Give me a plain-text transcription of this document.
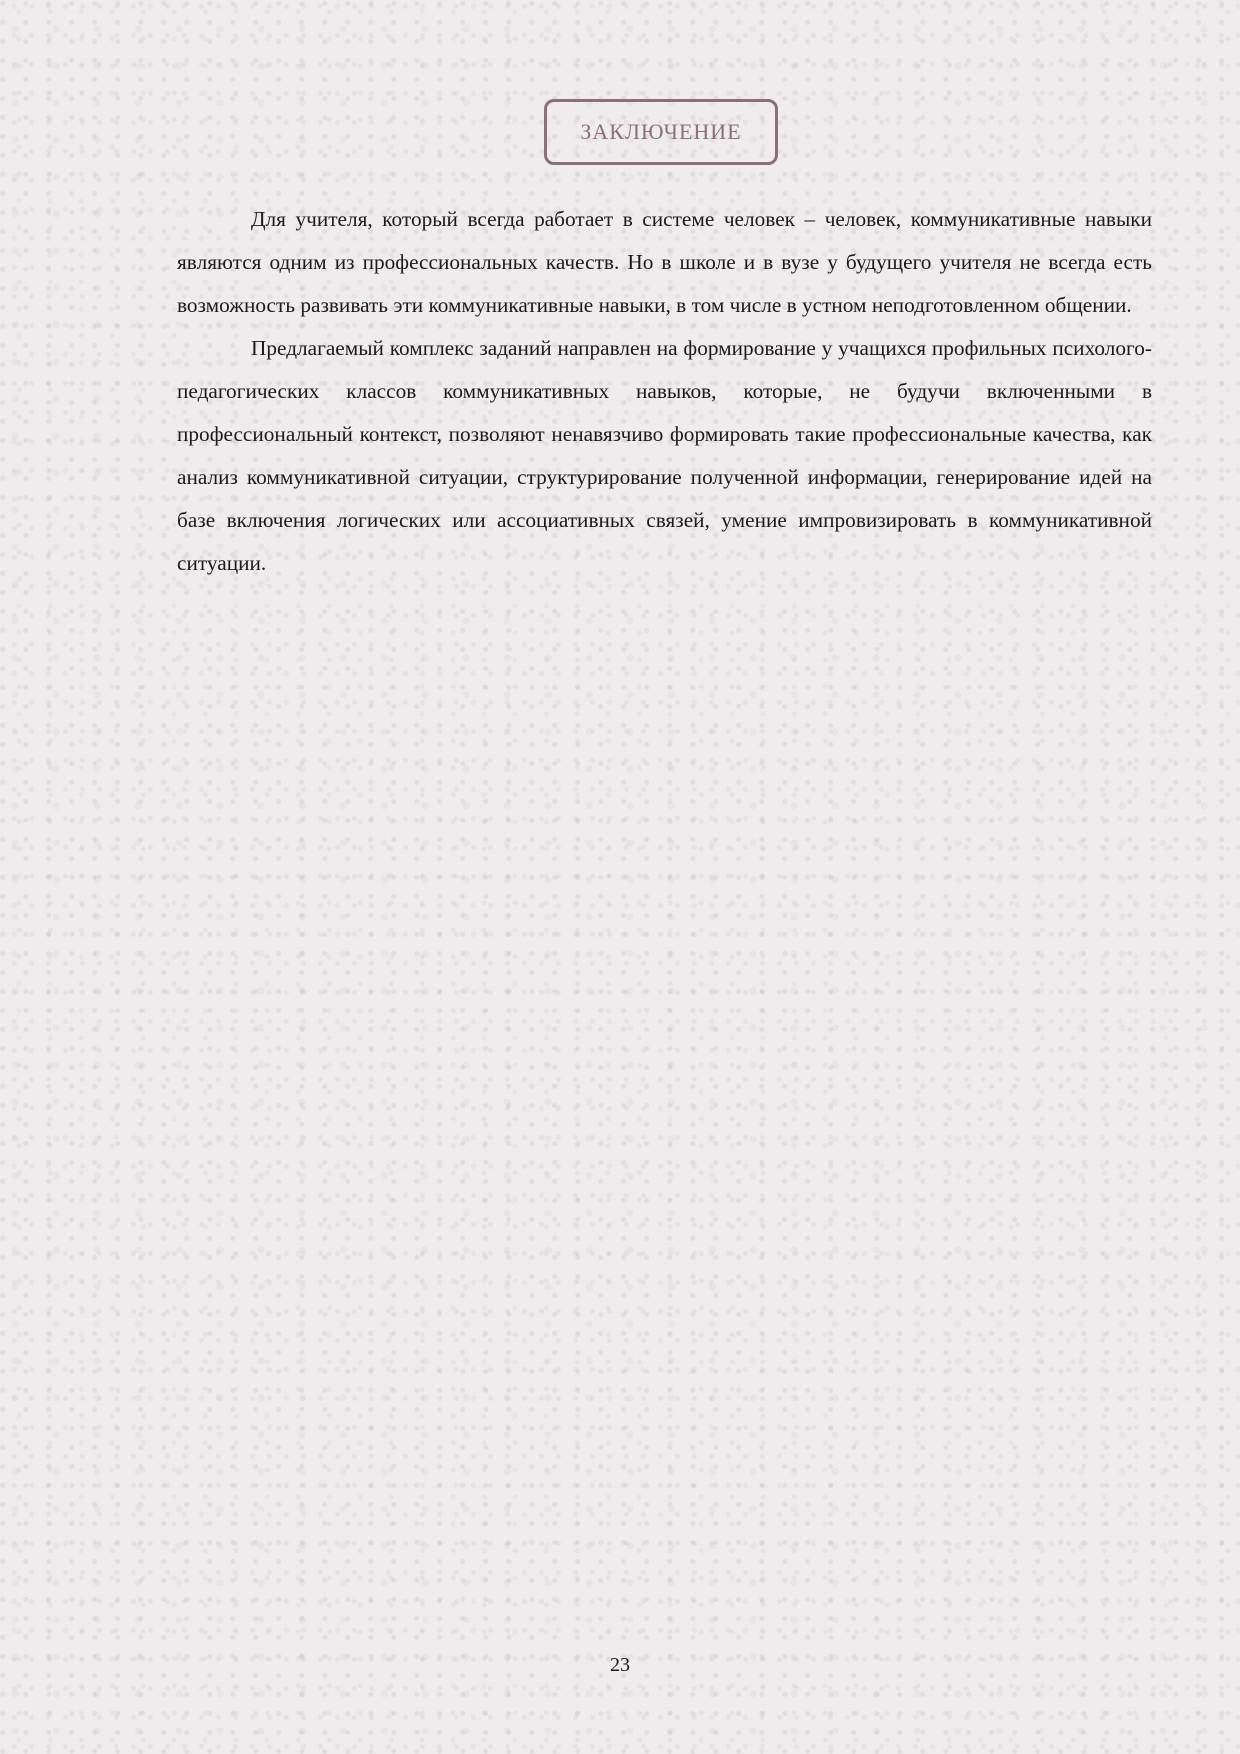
ЗАКЛЮЧЕНИЕ

Для учителя, который всегда работает в системе человек – человек, коммуникативные навыки являются одним из профессиональных качеств. Но в школе и в вузе у будущего учителя не всегда есть возможность развивать эти коммуникативные навыки, в том числе в устном неподготовленном общении.

Предлагаемый комплекс заданий направлен на формирование у учащихся профильных психолого-педагогических классов коммуникативных навыков, которые, не будучи включенными в профессиональный контекст, позволяют ненавязчиво формировать такие профессиональные качества, как анализ коммуникативной ситуации, структурирование полученной информации, генерирование идей на базе включения логических или ассоциативных связей, умение импровизировать в коммуникативной ситуации.

23
